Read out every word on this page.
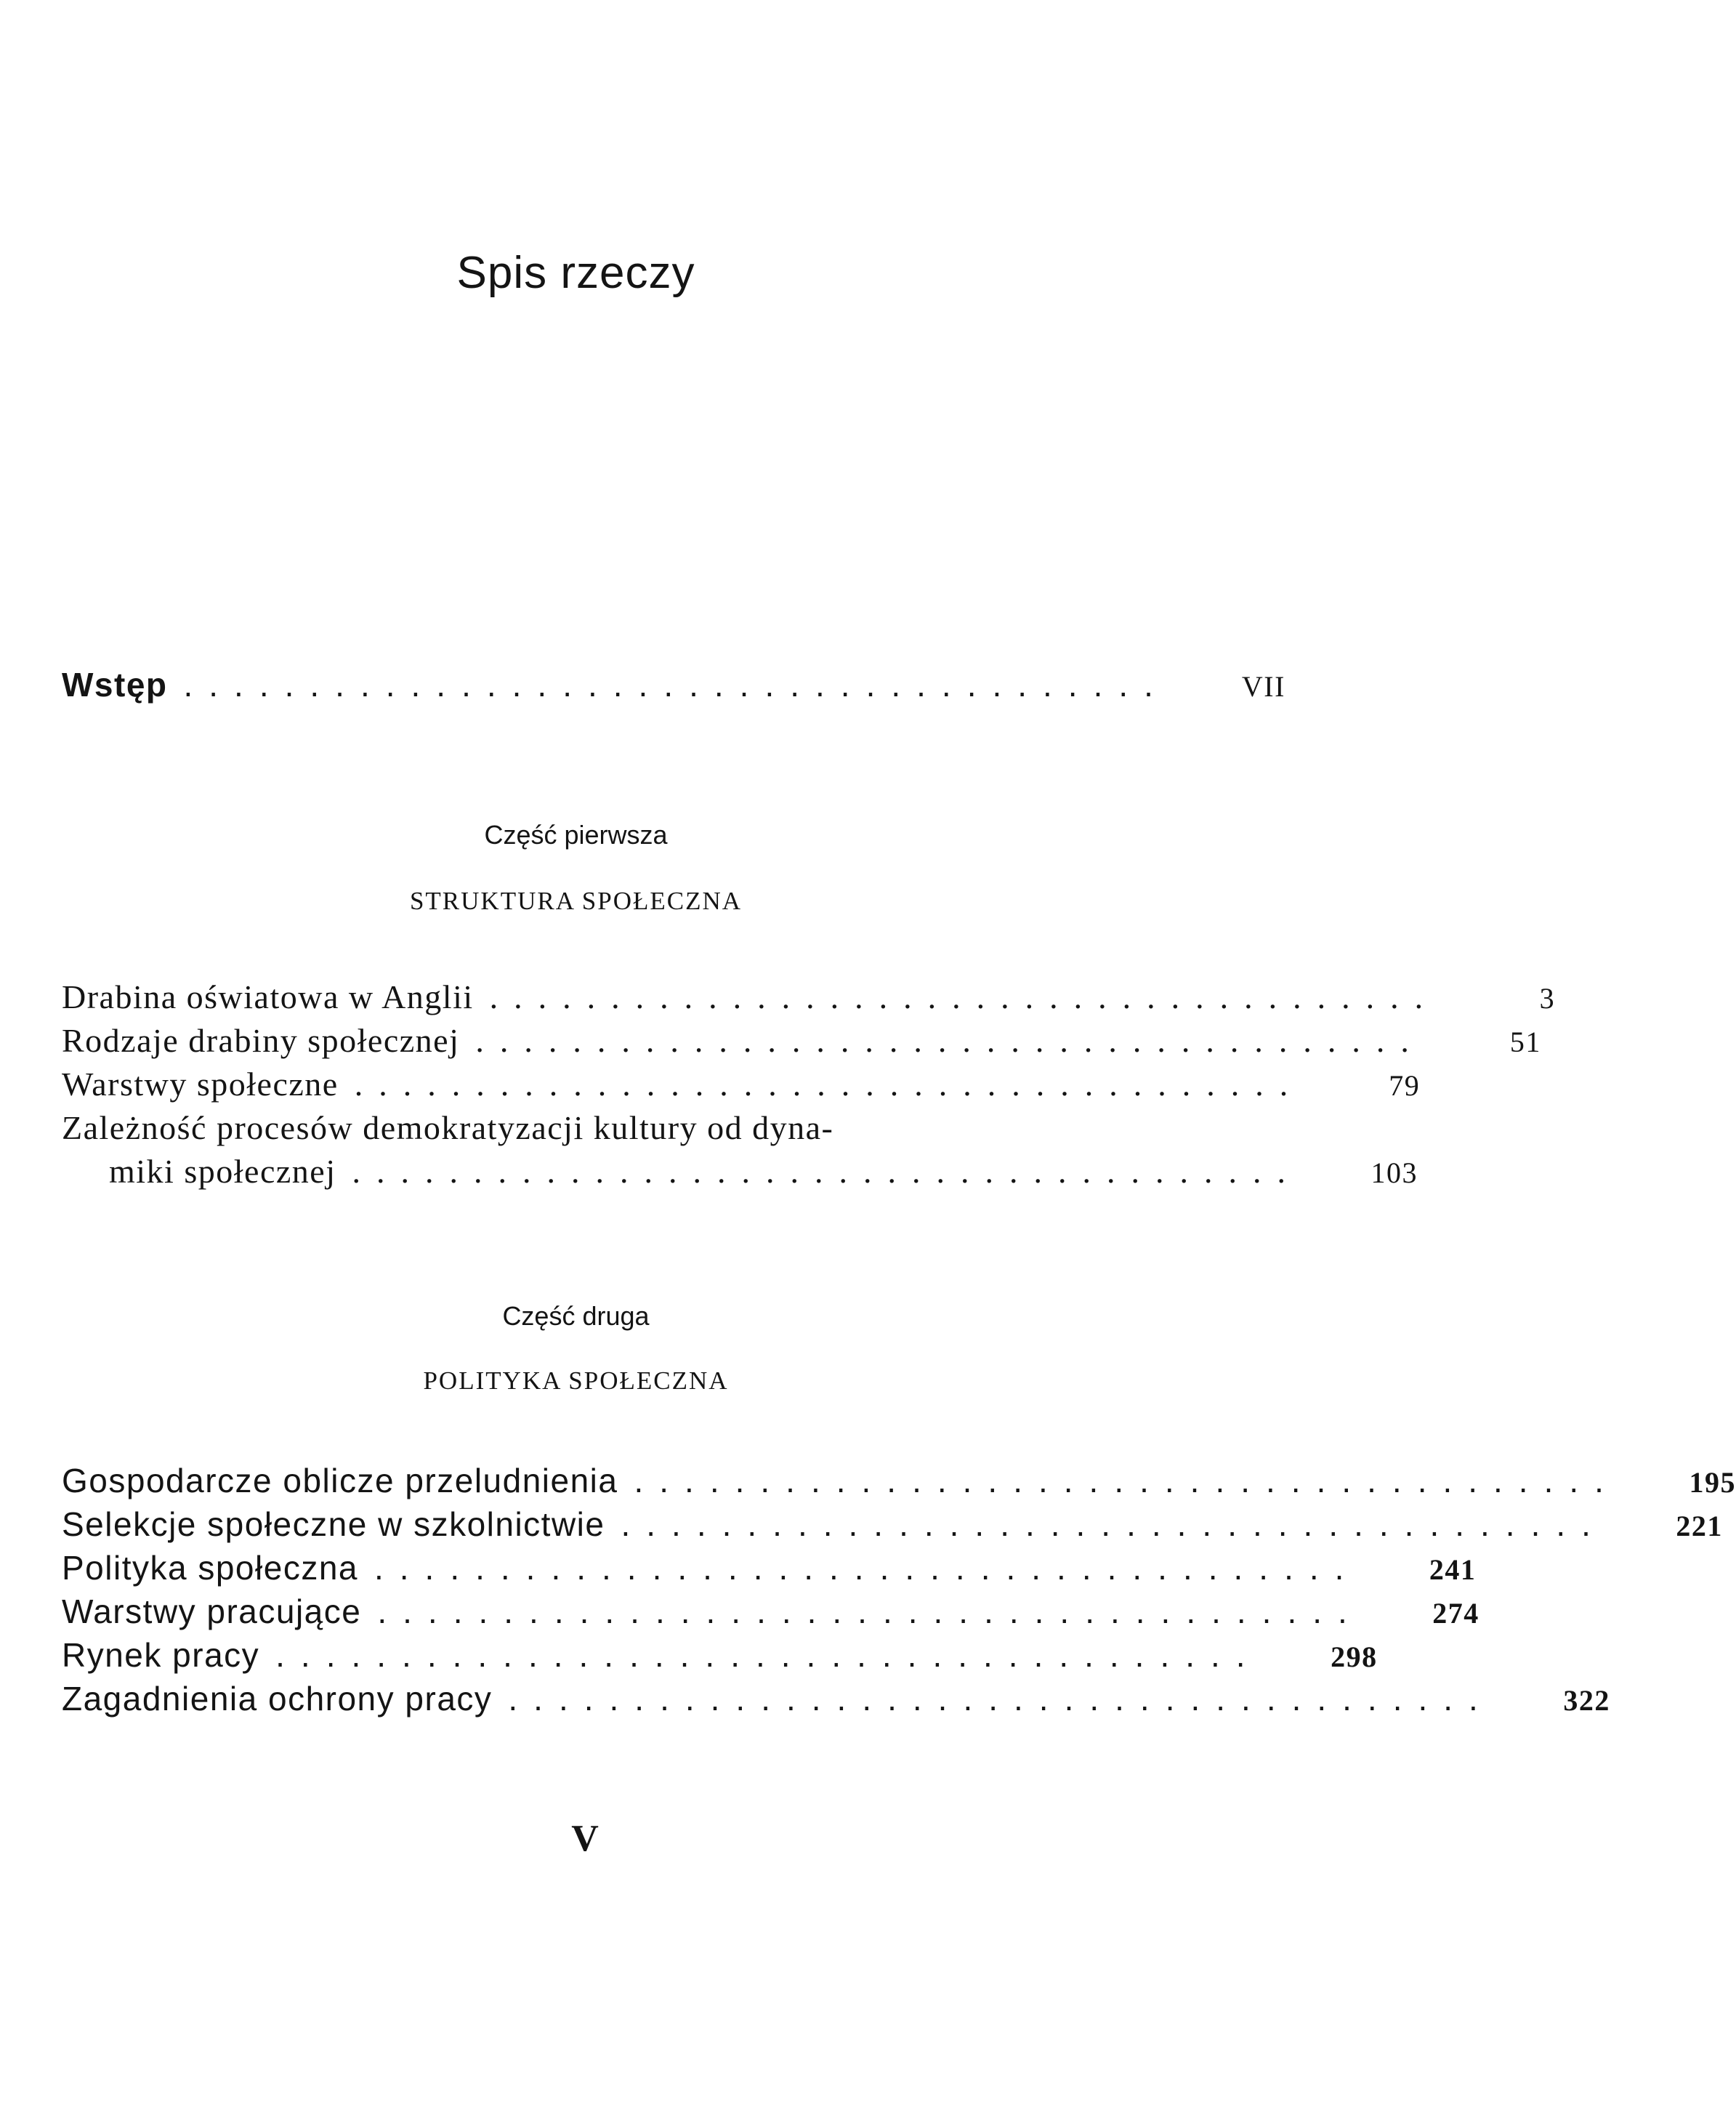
Spis rzeczy
Wstęp .......................................	VII
Część pierwsza
STRUKTURA SPOŁECZNA
Drabina oświatowa w Anglii .......................................	3
Rodzaje drabiny społecznej .......................................	51
Warstwy społeczne .......................................	79
Zależność procesów demokratyzacji kultury od dyna-
miki społecznej .......................................	103
Część druga
POLITYKA SPOŁECZNA
Gospodarcze oblicze przeludnienia .......................................	195
Selekcje społeczne w szkolnictwie .......................................	221
Polityka społeczna .......................................	241
Warstwy pracujące .......................................	274
Rynek pracy .......................................	298
Zagadnienia ochrony pracy .......................................	322
V
